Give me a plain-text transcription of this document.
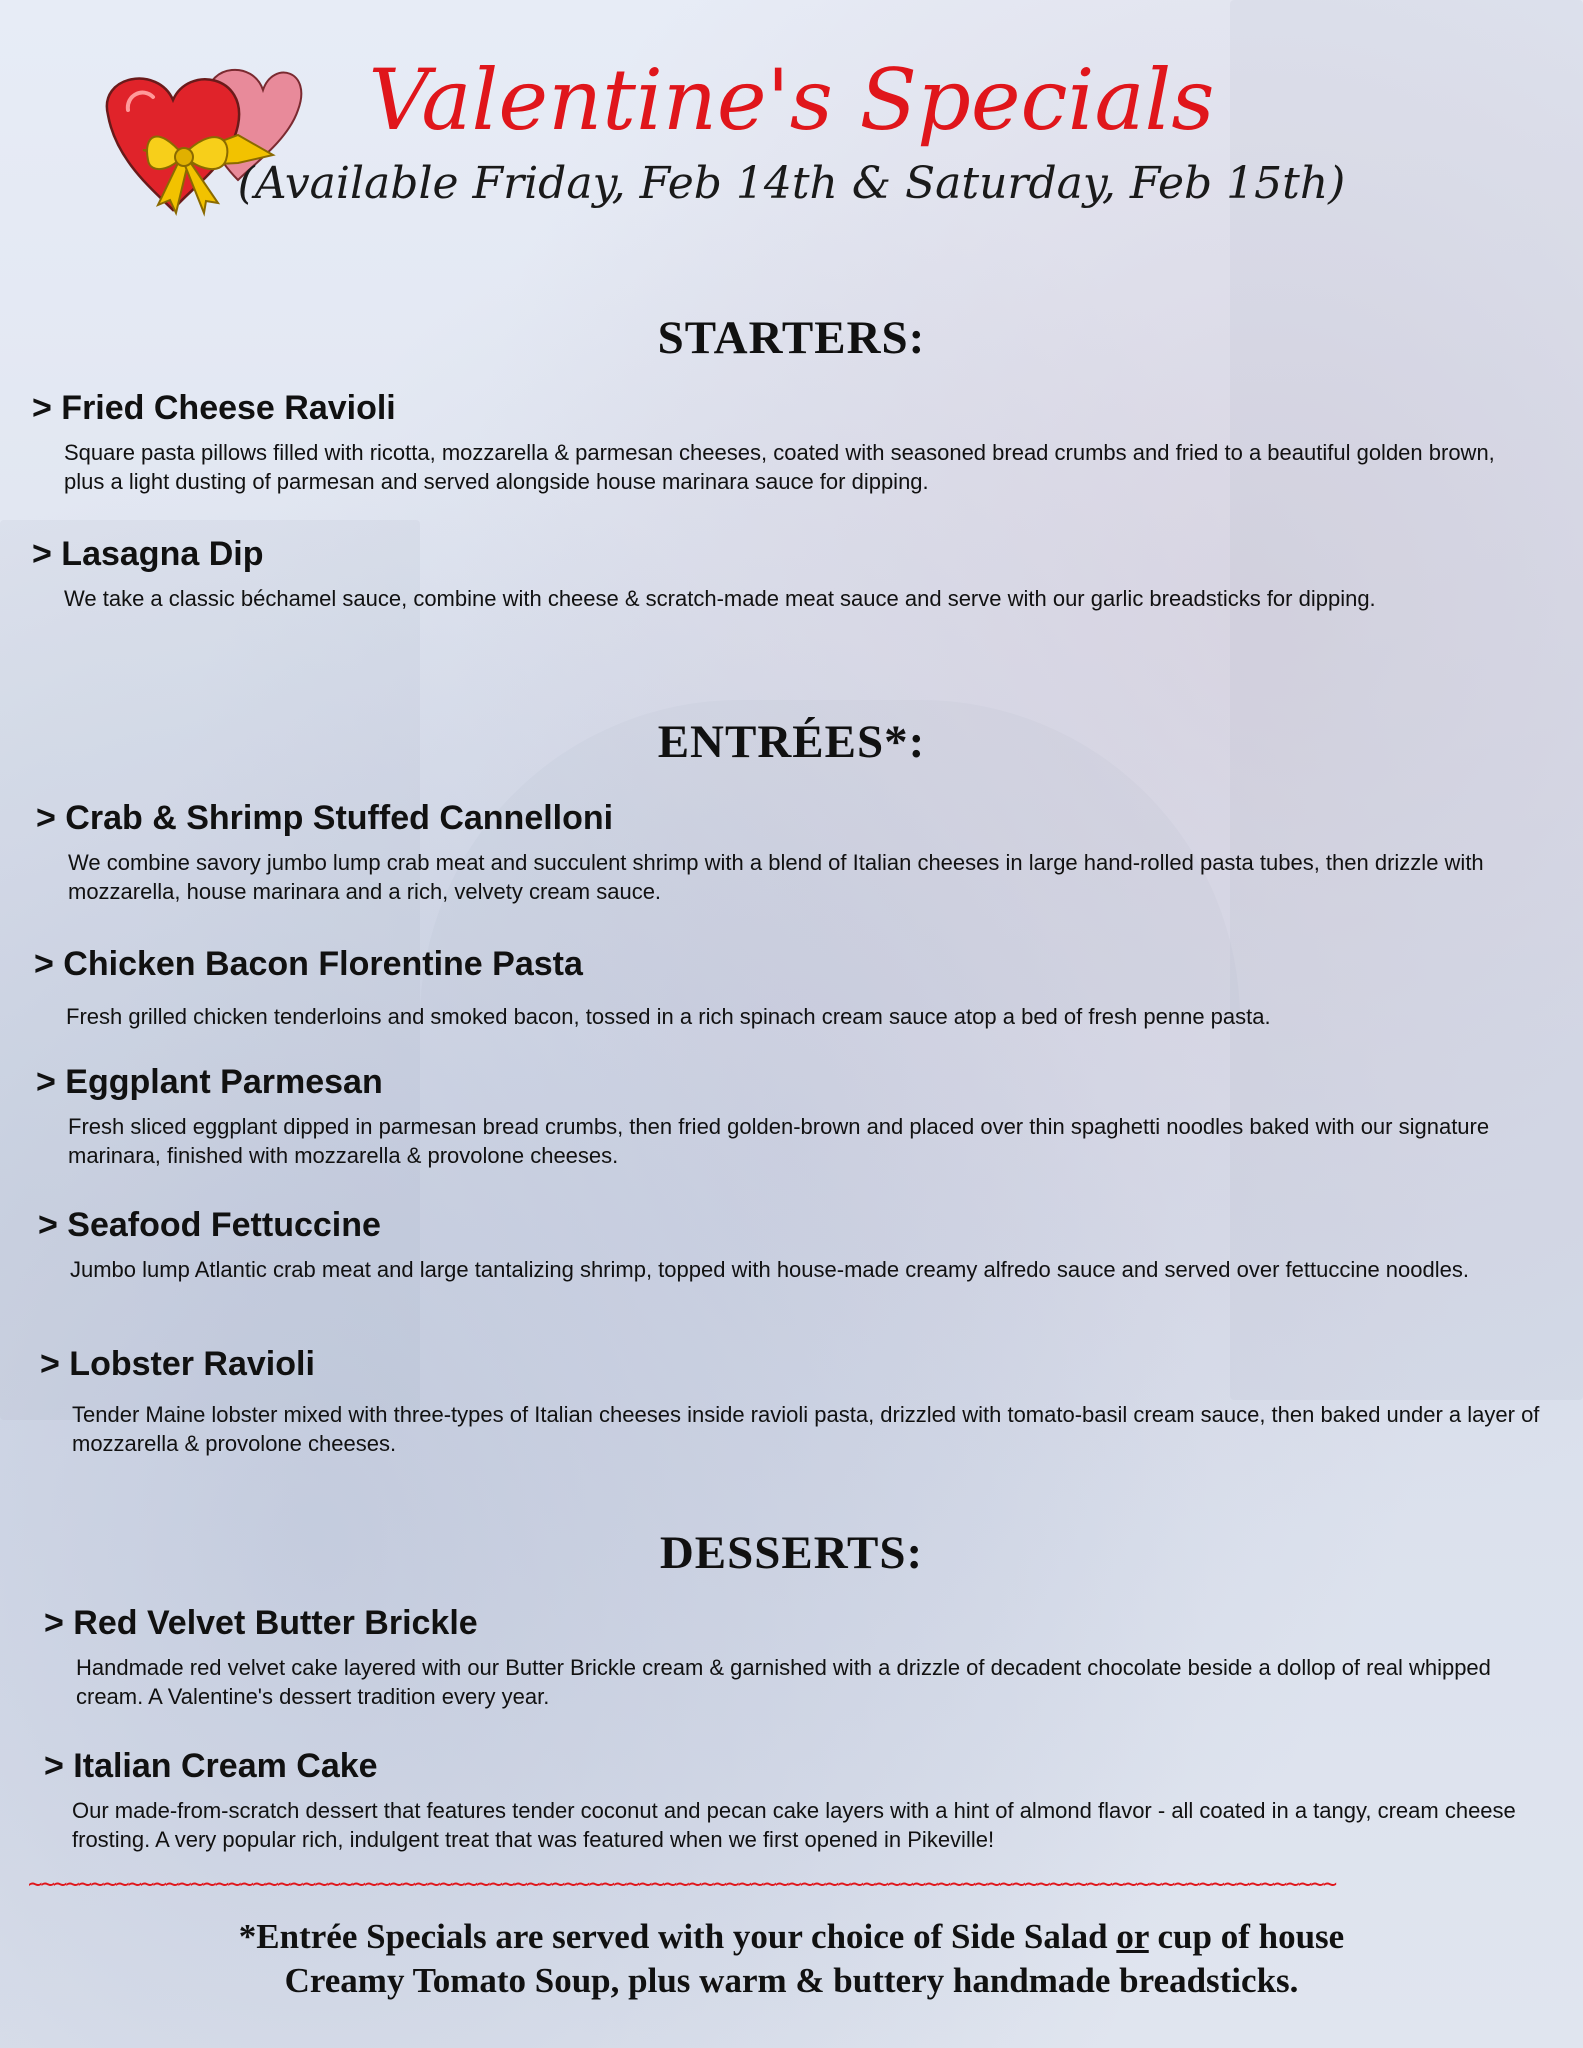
Valentine's Specials
(Available Friday, Feb 14th & Saturday, Feb 15th)
STARTERS:
> Fried Cheese Ravioli
Square pasta pillows filled with ricotta, mozzarella & parmesan cheeses, coated with seasoned bread crumbs and fried to a beautiful golden brown, plus a light dusting of parmesan and served alongside house marinara sauce for dipping.
> Lasagna Dip
We take a classic béchamel sauce, combine with cheese & scratch-made meat sauce and serve with our garlic breadsticks for dipping.
ENTRÉES*:
> Crab & Shrimp Stuffed Cannelloni
We combine savory jumbo lump crab meat and succulent shrimp with a blend of Italian cheeses in large hand-rolled pasta tubes, then drizzle with mozzarella, house marinara and a rich, velvety cream sauce.
> Chicken Bacon Florentine Pasta
Fresh grilled chicken tenderloins and smoked bacon, tossed in a rich spinach cream sauce atop a bed of fresh penne pasta.
> Eggplant Parmesan
Fresh sliced eggplant dipped in parmesan bread crumbs, then fried golden-brown and placed over thin spaghetti noodles baked with our signature marinara, finished with mozzarella & provolone cheeses.
> Seafood Fettuccine
Jumbo lump Atlantic crab meat and large tantalizing shrimp, topped with house-made creamy alfredo sauce and served over fettuccine noodles.
> Lobster Ravioli
Tender Maine lobster mixed with three-types of Italian cheeses inside ravioli pasta, drizzled with tomato-basil cream sauce, then baked under a layer of mozzarella & provolone cheeses.
DESSERTS:
> Red Velvet Butter Brickle
Handmade red velvet cake layered with our Butter Brickle cream & garnished with a drizzle of decadent chocolate beside a dollop of real whipped cream. A Valentine's dessert tradition every year.
> Italian Cream Cake
Our made-from-scratch dessert that features tender coconut and pecan cake layers with a hint of almond flavor - all coated in a tangy, cream cheese frosting. A very popular rich, indulgent treat that was featured when we first opened in Pikeville!
~~~~~~~~~~~~~~~~~~~~~~~~~~~~~~~~~~~~~~~~~~~~~~~~~~~~~~~~~~~~~~~~~~~~~~~~~~~~~~~~~~~~~~~~~~~~~~~~~~~~~~~~~
*Entrée Specials are served with your choice of Side Salad or cup of house
Creamy Tomato Soup, plus warm & buttery handmade breadsticks.
